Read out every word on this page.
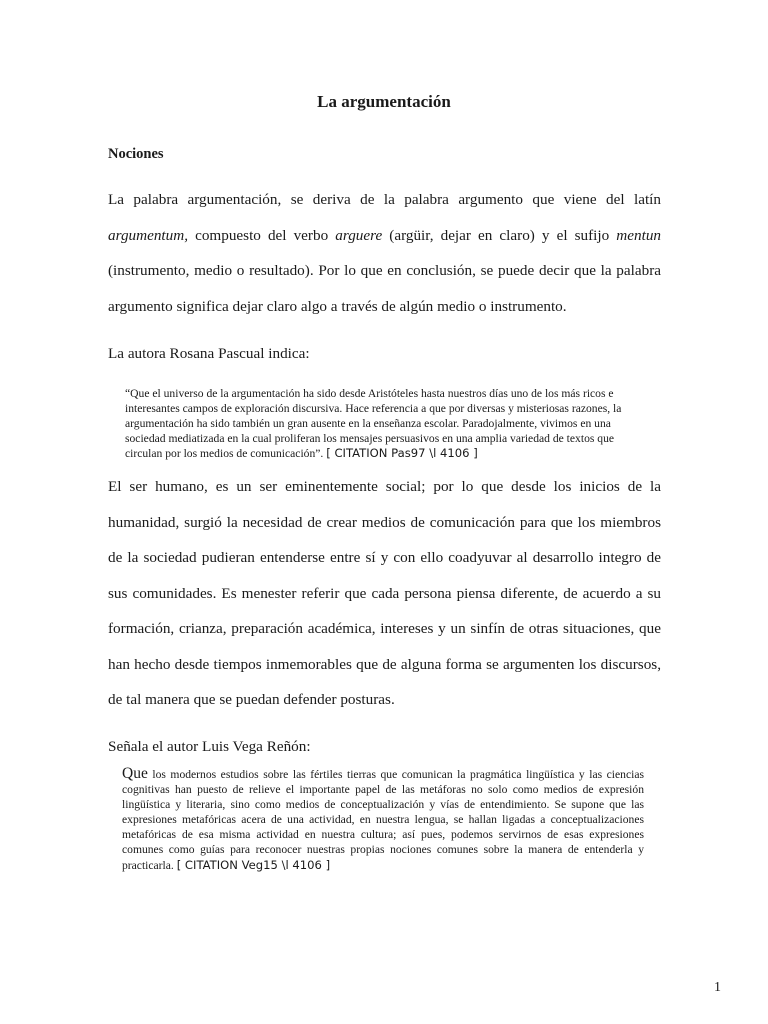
La argumentación
Nociones

La palabra argumentación, se deriva de la palabra argumento que viene del latín argumentum, compuesto del verbo arguere (argüir, dejar en claro) y el sufijo mentun (instrumento, medio o resultado). Por lo que en conclusión, se puede decir que la palabra argumento significa dejar claro algo a través de algún medio o instrumento.

La autora Rosana Pascual indica:

“Que el universo de la argumentación ha sido desde Aristóteles hasta nuestros días uno de los más ricos e interesantes campos de exploración discursiva. Hace referencia a que por diversas y misteriosas razones, la argumentación ha sido también un gran ausente en la enseñanza escolar. Paradojalmente, vivimos en una sociedad mediatizada en la cual proliferan los mensajes persuasivos en una amplia variedad de textos que circulan por los medios de comunicación”. [ CITATION Pas97 \l 4106 ]

El ser humano, es un ser eminentemente social; por lo que desde los inicios de la humanidad, surgió la necesidad de crear medios de comunicación para que los miembros de la sociedad pudieran entenderse entre sí y con ello coadyuvar al desarrollo integro de sus comunidades. Es menester referir que cada persona piensa diferente, de acuerdo a su formación, crianza, preparación académica, intereses y un sinfín de otras situaciones, que han hecho desde tiempos inmemorables que de alguna forma se argumenten los discursos, de tal manera que se puedan defender posturas.

Señala el autor Luis Vega Reñón:

Que los modernos estudios sobre las fértiles tierras que comunican la pragmática lingüística y las ciencias cognitivas han puesto de relieve el importante papel de las metáforas no solo como medios de expresión lingüística y literaria, sino como medios de conceptualización y vías de entendimiento. Se supone que las expresiones metafóricas acera de una actividad, en nuestra lengua, se hallan ligadas a conceptualizaciones metafóricas de esa misma actividad en nuestra cultura; así pues, podemos servirnos de esas expresiones comunes como guías para reconocer nuestras propias nociones comunes sobre la manera de entenderla y practicarla. [ CITATION Veg15 \l 4106 ]

1
